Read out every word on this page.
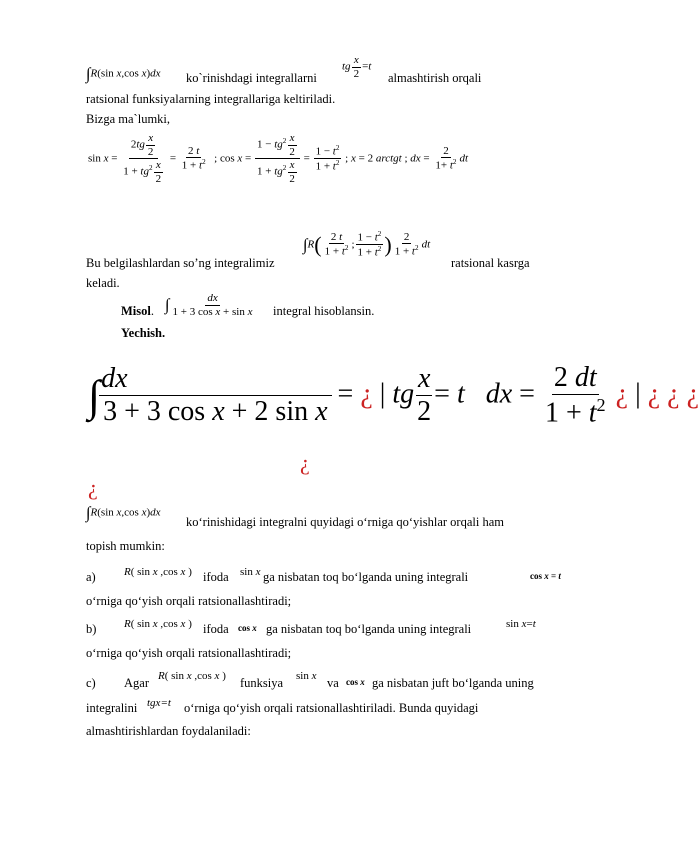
∫R(sin x,cos x)dx ko`rinishdagi integrallarni
tg $\frac{x}{2} =t$
almashtirish orqali
ratsional funksiyalarning integrallariga keltiriladi.
Bizga ma`lumki,
$\sin x = \frac{2tg \frac{x}{2}}{1 + tg^2 \frac{x}{2}} = \frac{2 t}{1 + t^2}$ ; $\cos x = \frac{1 - tg^2 \frac{x}{2}}{1 + tg^2 \frac{x}{2}} = \frac{1 - t^2}{1 + t^2}$ ; x = 2 arctgt ; dx = $\frac{2}{1+ t^2}$ dt
Bu belgilashlardan so’ng integralimiz
$\int R( \frac{2 t}{1 + t^2}$ ; $\frac{1 - t^2}{1 + t^2}$ ) $\frac{2}{1 + t^2}$ dt
ratsional kasrga
keladi.
Misol. ∫ $\frac{dx}{\text{1 + 3 cos x + sin x}}$ integral hisoblansin.
Yechish.
∫ $\frac{dx}{\text{3 + 3 cos x + 2 sin x}}$ = ¿ | tg $\frac{x}{2} = t$ dx = $\frac{2 dt}{1 + t^2}$ ¿ | ¿ ¿ ¿
¿
¿
∫R(sin x,cos x)dx
ko‘rinishidagi integralni quyidagi o‘rniga qo‘yishlar orqali ham
topish mumkin:
a)	R( sin x ,cos x ) ifoda sin x ga nisbatan toq bo‘lganda uning integrali	cos x = t
o‘rniga qo‘yish orqali ratsionallashtiradi;
b)	R( sin x ,cos x ) ifoda cos x ga nisbatan toq bo‘lganda uning integrali	sin x=t
o‘rniga qo‘yish orqali ratsionallashtiradi;
c) Agar R( sin x ,cos x ) funksiya sin x va cos x ga nisbatan juft bo‘lganda uning
integralini tgx=t o‘rniga qo‘yish orqali ratsionallashtiriladi. Bunda quyidagi
almashtirishlardan foydalaniladi:
